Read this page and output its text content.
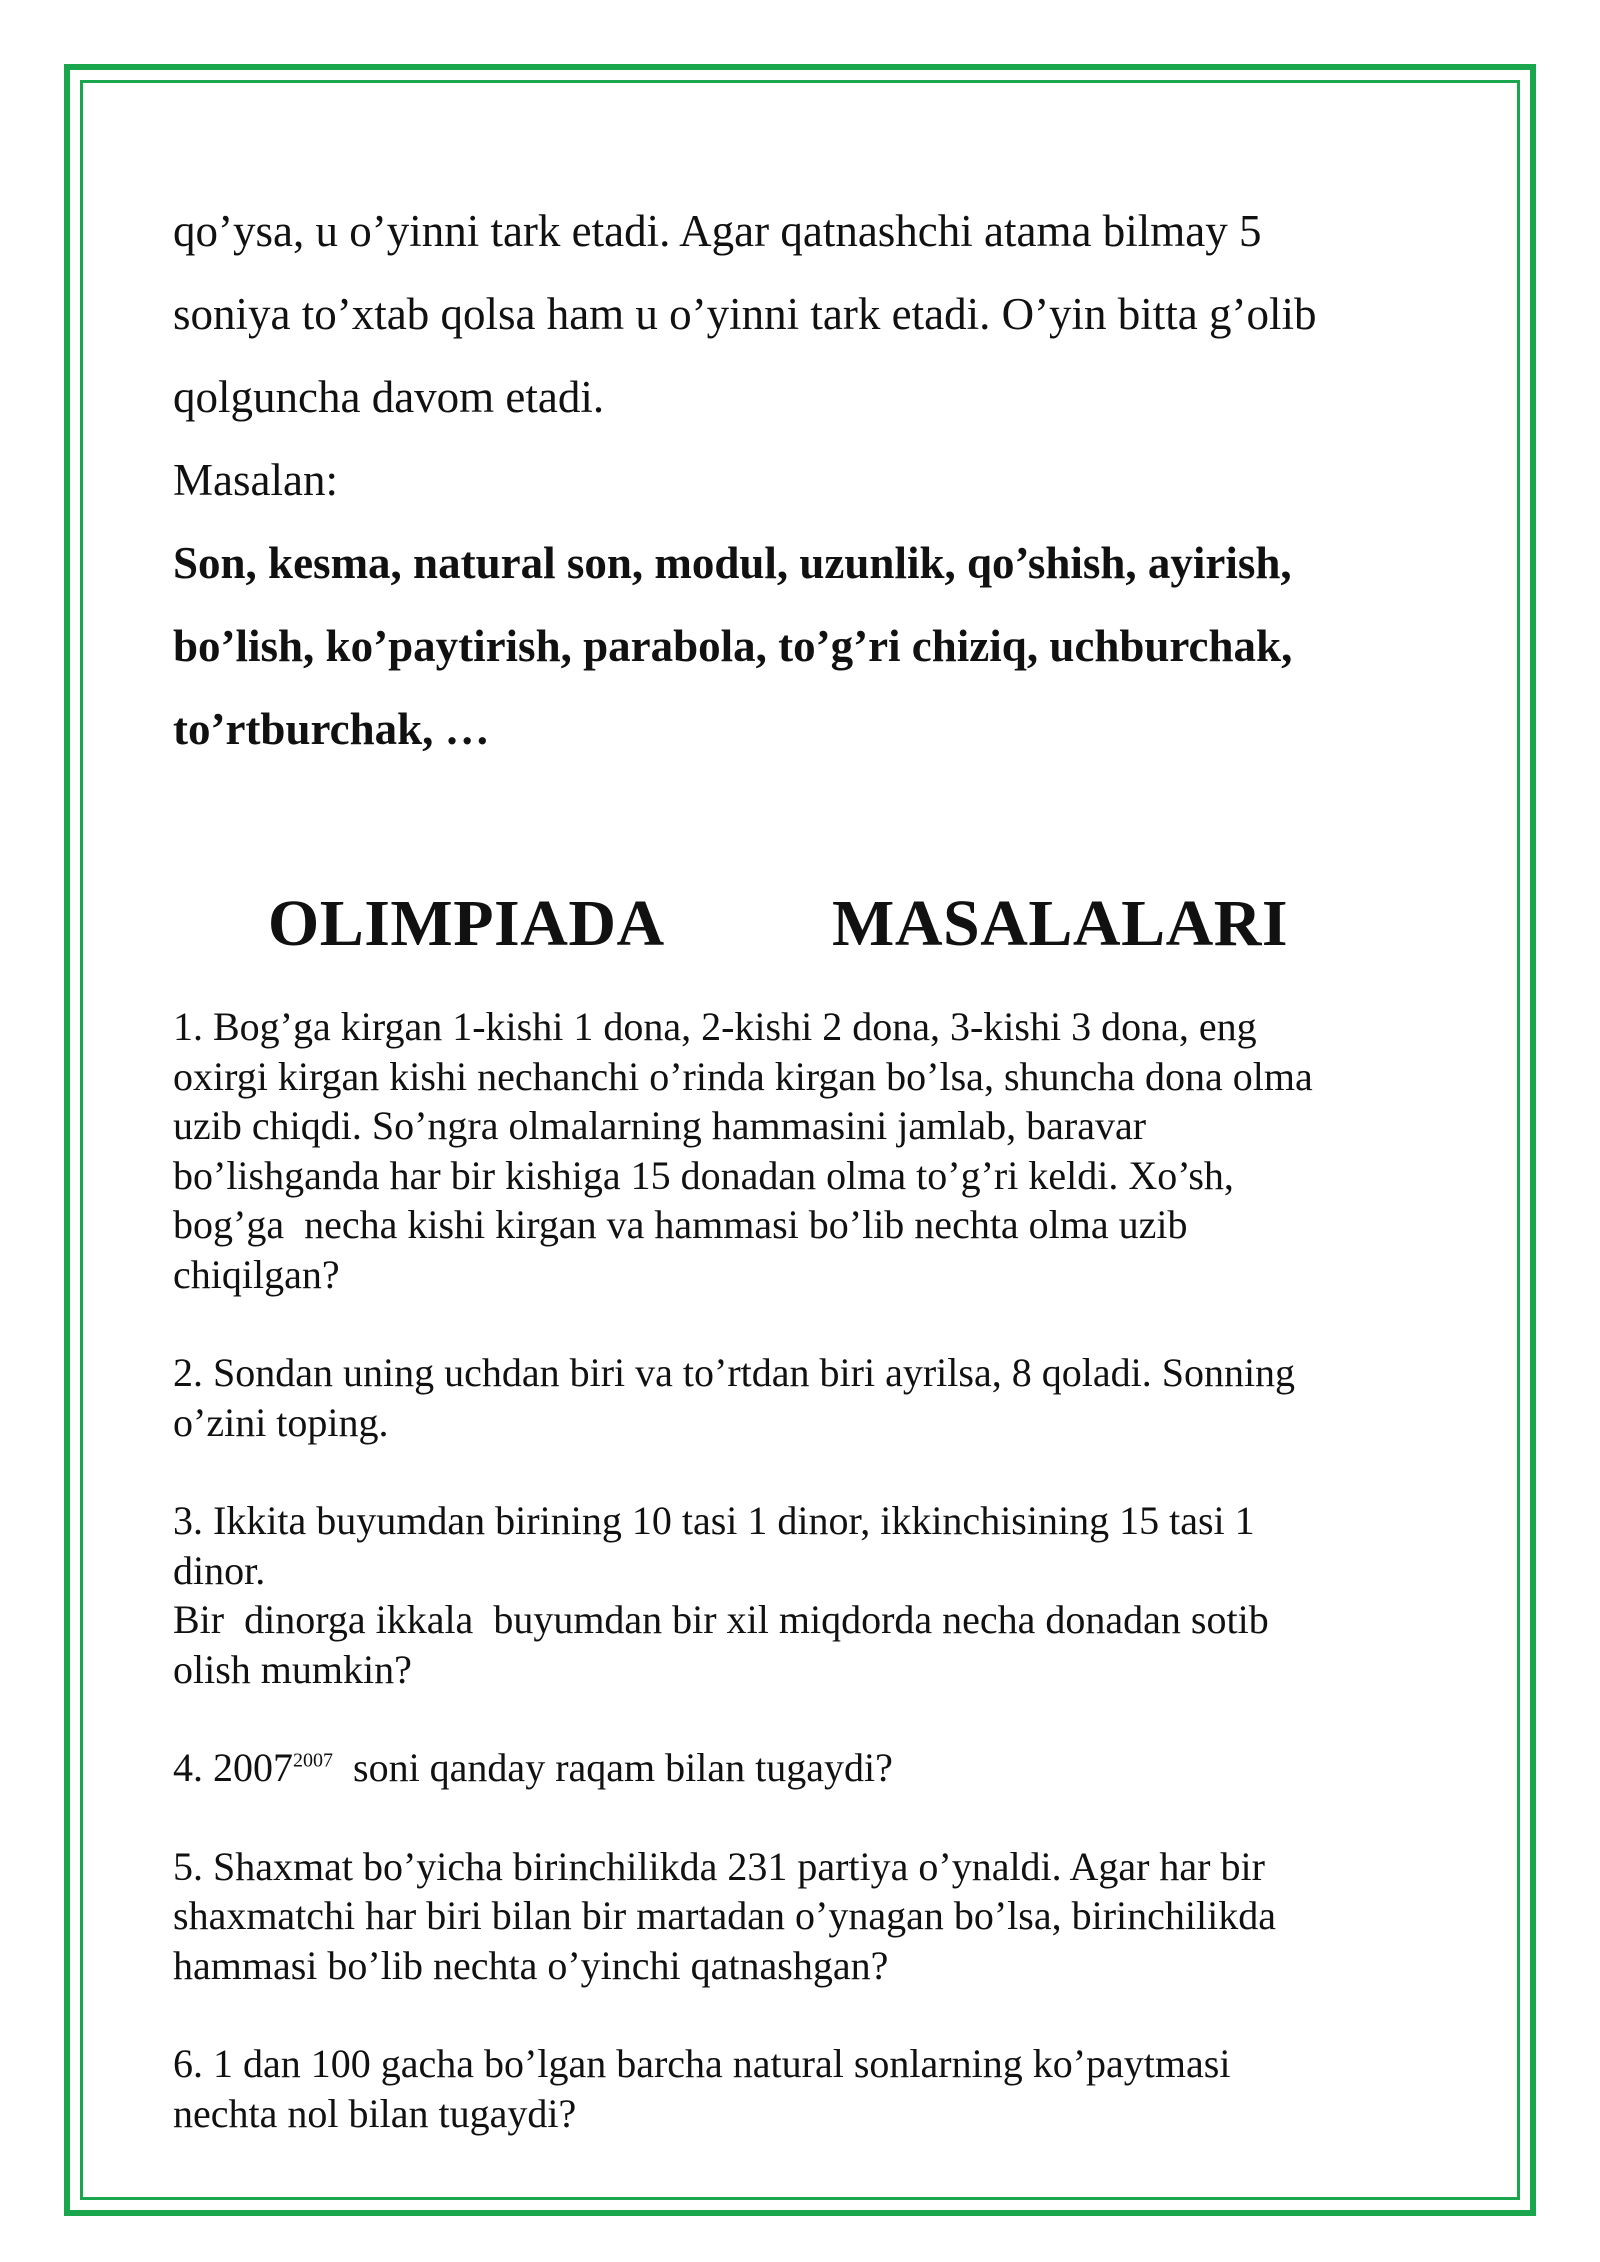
qo’ysa, u o’yinni tark etadi. Agar qatnashchi atama bilmay 5

soniya to’xtab qolsa ham u o’yinni tark etadi. O’yin bitta g’olib

qolguncha davom etadi.

Masalan:

Son, kesma, natural son, modul, uzunlik, qo’shish, ayirish,

bo’lish, ko’paytirish, parabola, to’g’ri chiziq, uchburchak,

to’rtburchak, …

OLIMPIADA   MASALALARI
1. Bog’ga kirgan 1-kishi 1 dona, 2-kishi 2 dona, 3-kishi 3 dona, eng
oxirgi kirgan kishi nechanchi o’rinda kirgan bo’lsa, shuncha dona olma
uzib chiqdi. So’ngra olmalarning hammasini jamlab, baravar
bo’lishganda har bir kishiga 15 donadan olma to’g’ri keldi. Xo’sh,
bog’ga  necha kishi kirgan va hammasi bo’lib nechta olma uzib
chiqilgan?
2. Sondan uning uchdan biri va to’rtdan biri ayrilsa, 8 qoladi. Sonning
o’zini toping.
3. Ikkita buyumdan birining 10 tasi 1 dinor, ikkinchisining 15 tasi 1
dinor.
Bir  dinorga ikkala  buyumdan bir xil miqdorda necha donadan sotib
olish mumkin?
4. $2007^{2007}$  soni qanday raqam bilan tugaydi?
5. Shaxmat bo’yicha birinchilikda 231 partiya o’ynaldi. Agar har bir
shaxmatchi har biri bilan bir martadan o’ynagan bo’lsa, birinchilikda
hammasi bo’lib nechta o’yinchi qatnashgan?
6. 1 dan 100 gacha bo’lgan barcha natural sonlarning ko’paytmasi
nechta nol bilan tugaydi?
